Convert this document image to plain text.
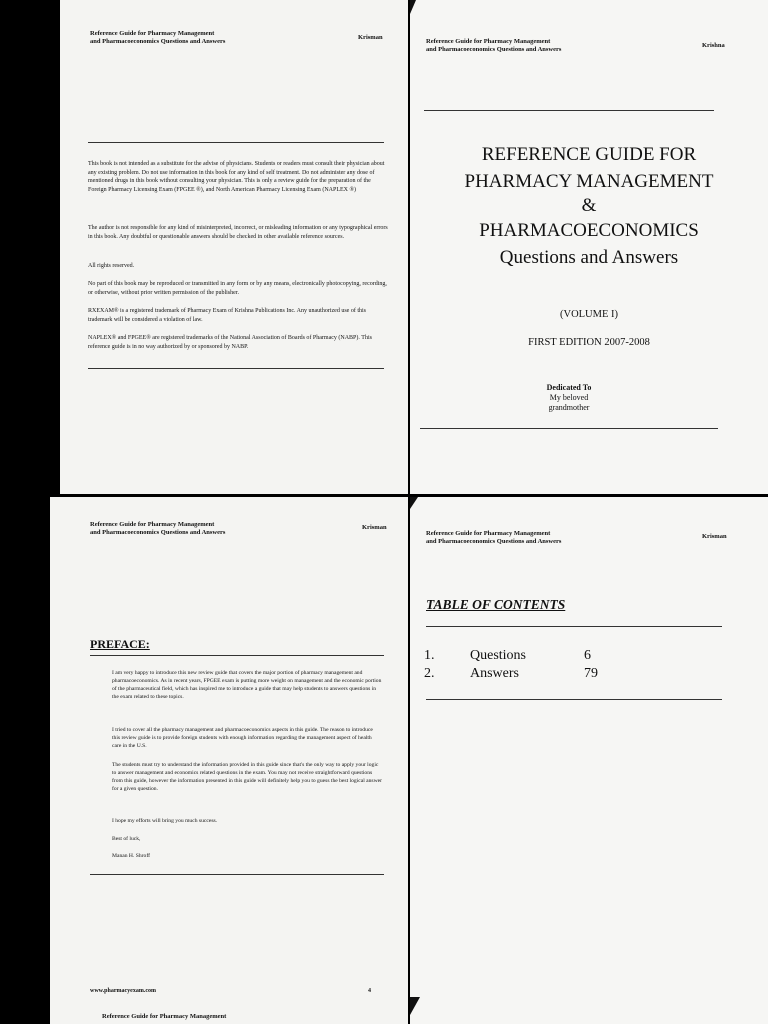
Reference Guide for Pharmacy Management
and Pharmacoeconomics Questions and Answers
Krisman
This book is not intended as a substitute for the advise of physicians. Students or readers must consult their physician about any existing problem. Do not use information in this book for any kind of self treatment. Do not administer any dose of mentioned drugs in this book without consulting your physician. This is only a review guide for the preparation of the Foreign Pharmacy Licensing Exam (FPGEE ®), and North American Pharmacy Licensing Exam (NAPLEX ®)
The author is not responsible for any kind of misinterpreted, incorrect, or misleading information or any typographical errors in this book. Any doubtful or questionable answers should be checked in other available reference sources.
All rights reserved.
No part of this book may be reproduced or transmitted in any form or by any means, electronically photocopying, recording, or otherwise, without prior written permission of the publisher.
RXEXAM® is a registered trademark of Pharmacy Exam of Krishna Publications Inc. Any unauthorized use of this trademark will be considered a violation of law.
NAPLEX® and FPGEE® are registered trademarks of the National Association of Boards of Pharmacy (NABP). This reference guide is in no way authorized by or sponsored by NABP.
Reference Guide for Pharmacy Management
and Pharmacoeconomics Questions and Answers
Krishna
REFERENCE GUIDE FOR
PHARMACY MANAGEMENT
&
PHARMACOECONOMICS
Questions and Answers
(VOLUME I)
FIRST EDITION 2007-2008
Dedicated To
My beloved
grandmother
Reference Guide for Pharmacy Management
and Pharmacoeconomics Questions and Answers
Krisman
PREFACE:
I am very happy to introduce this new review guide that covers the major portion of pharmacy management and pharmacoeconomics. As in recent years, FPGEE exam is putting more weight on management and the economic portion of the pharmaceutical field, which has inspired me to introduce a guide that may help students to answers questions in the exam related to these topics.
I tried to cover all the pharmacy management and pharmacoeconomics aspects in this guide. The reason to introduce this review guide is to provide foreign students with enough information regarding the management aspect of health care in the U.S.
The students must try to understand the information provided in this guide since that's the only way to apply your logic to answer management and economics related questions in the exam. You may not receive straightforward questions from this guide, however the information presented in this guide will definitely help you to guess the best logical answer for a given question.
I hope my efforts will bring you much success.
Best of luck,
Manan H. Shroff
www.pharmacyexam.com	4
Reference Guide for Pharmacy Management
Reference Guide for Pharmacy Management
and Pharmacoeconomics Questions and Answers
Krisman
TABLE OF CONTENTS
1.	Questions	6
2.	Answers	79
